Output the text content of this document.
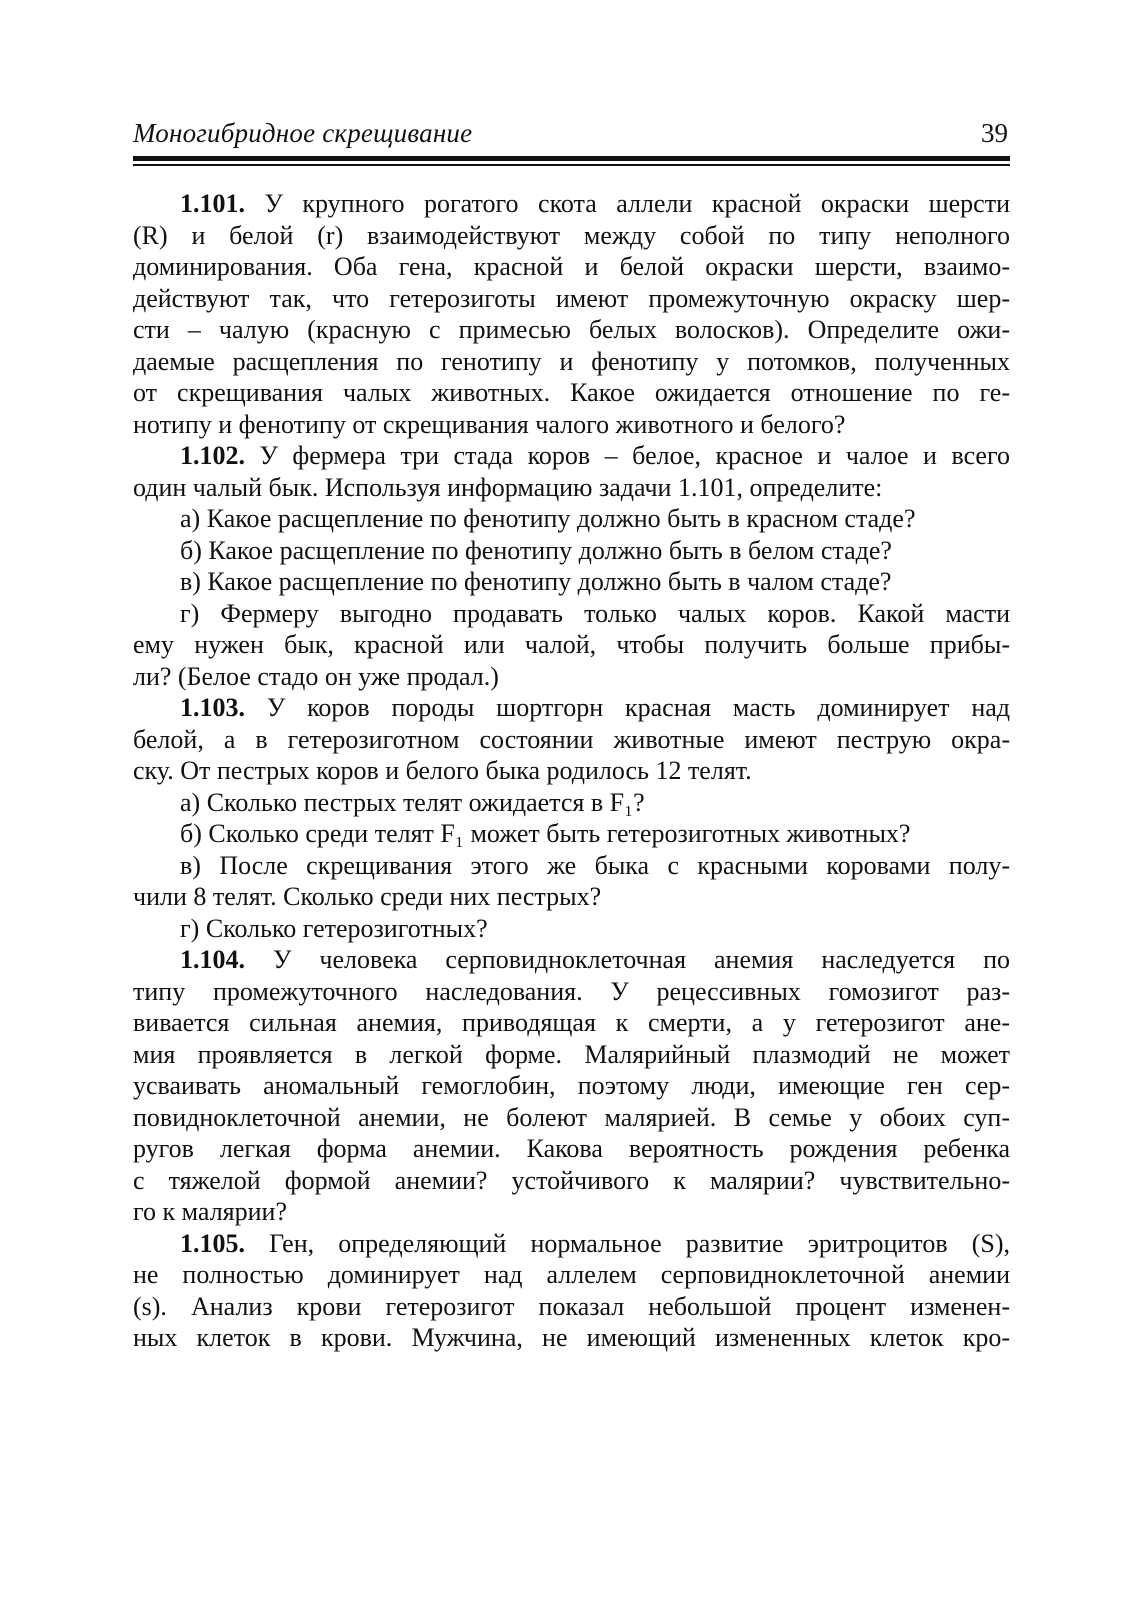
Моногибридное скрещивание	39
1.101. У крупного рогатого скота аллели красной окраски шерсти
(R) и белой (r) взаимодействуют между собой по типу неполного
доминирования. Оба гена, красной и белой окраски шерсти, взаимо-
действуют так, что гетерозиготы имеют промежуточную окраску шер-
сти – чалую (красную с примесью белых волосков). Определите ожи-
даемые расщепления по генотипу и фенотипу у потомков, полученных
от скрещивания чалых животных. Какое ожидается отношение по ге-
нотипу и фенотипу от скрещивания чалого животного и белого?
1.102. У фермера три стада коров – белое, красное и чалое и всего
один чалый бык. Используя информацию задачи 1.101, определите:
а) Какое расщепление по фенотипу должно быть в красном стаде?
б) Какое расщепление по фенотипу должно быть в белом стаде?
в) Какое расщепление по фенотипу должно быть в чалом стаде?
г) Фермеру выгодно продавать только чалых коров. Какой масти
ему нужен бык, красной или чалой, чтобы получить больше прибы-
ли? (Белое стадо он уже продал.)
1.103. У коров породы шортгорн красная масть доминирует над
белой, а в гетерозиготном состоянии животные имеют пеструю окра-
ску. От пестрых коров и белого быка родилось 12 телят.
а) Сколько пестрых телят ожидается в F₁?
б) Сколько среди телят F₁ может быть гетерозиготных животных?
в) После скрещивания этого же быка с красными коровами полу-
чили 8 телят. Сколько среди них пестрых?
г) Сколько гетерозиготных?
1.104. У человека серповидноклеточная анемия наследуется по
типу промежуточного наследования. У рецессивных гомозигот раз-
вивается сильная анемия, приводящая к смерти, а у гетерозигот ане-
мия проявляется в легкой форме. Малярийный плазмодий не может
усваивать аномальный гемоглобин, поэтому люди, имеющие ген сер-
повидноклеточной анемии, не болеют малярией. В семье у обоих суп-
ругов легкая форма анемии. Какова вероятность рождения ребенка
с тяжелой формой анемии? устойчивого к малярии? чувствительно-
го к малярии?
1.105. Ген, определяющий нормальное развитие эритроцитов (S),
не полностью доминирует над аллелем серповидноклеточной анемии
(s). Анализ крови гетерозигот показал небольшой процент изменен-
ных клеток в крови. Мужчина, не имеющий измененных клеток кро-
